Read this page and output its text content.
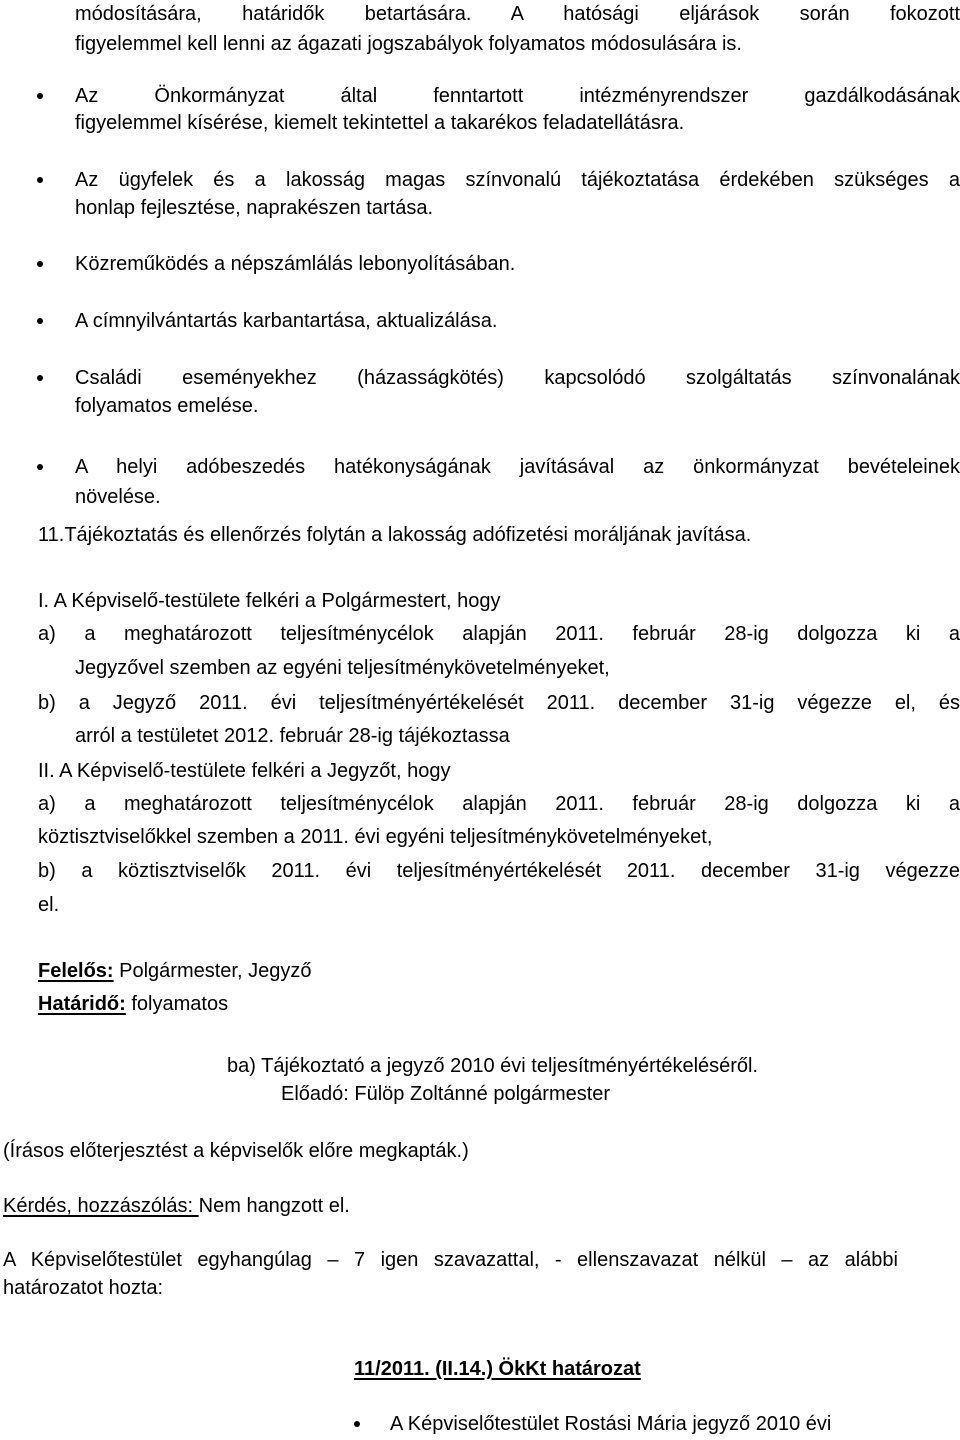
módosítására, határidők betartására. A hatósági eljárások során fokozott
figyelemmel kell lenni az ágazati jogszabályok folyamatos módosulására is.
Az Önkormányzat által fenntartott intézményrendszer gazdálkodásának
figyelemmel kísérése, kiemelt tekintettel a takarékos feladatellátásra.
Az ügyfelek és a lakosság magas színvonalú tájékoztatása érdekében szükséges a
honlap fejlesztése, naprakészen tartása.
Közreműködés a népszámlálás lebonyolításában.
A címnyilvántartás karbantartása, aktualizálása.
Családi eseményekhez (házasságkötés) kapcsolódó szolgáltatás színvonalának
folyamatos emelése.
A helyi adóbeszedés hatékonyságának javításával az önkormányzat bevételeinek
növelése.
11.Tájékoztatás és ellenőrzés folytán a lakosság adófizetési moráljának javítása.
I. A Képviselő-testülete felkéri a Polgármestert, hogy
a) a meghatározott teljesítménycélok alapján 2011. február 28-ig dolgozza ki a
Jegyzővel szemben az egyéni teljesítménykövetelményeket,
b) a Jegyző 2011. évi teljesítményértékelését 2011. december 31-ig végezze el, és
arról a testületet 2012. február 28-ig tájékoztassa
II. A Képviselő-testülete felkéri a Jegyzőt, hogy
a) a meghatározott teljesítménycélok alapján 2011. február 28-ig dolgozza ki a
köztisztviselőkkel szemben a 2011. évi egyéni teljesítménykövetelményeket,
b) a köztisztviselők 2011. évi teljesítményértékelését 2011. december 31-ig végezze
el.
Felelős: Polgármester, Jegyző
Határidő: folyamatos
ba) Tájékoztató a jegyző 2010 évi teljesítményértékeléséről.
Előadó: Fülöp Zoltánné polgármester
(Írásos előterjesztést a képviselők előre megkapták.)
Kérdés, hozzászólás: Nem hangzott el.
A Képviselőtestület egyhangúlag – 7 igen szavazattal, - ellenszavazat nélkül – az alábbi
határozatot hozta:
11/2011. (II.14.) ÖkKt határozat
A Képviselőtestület Rostási Mária jegyző 2010 évi
